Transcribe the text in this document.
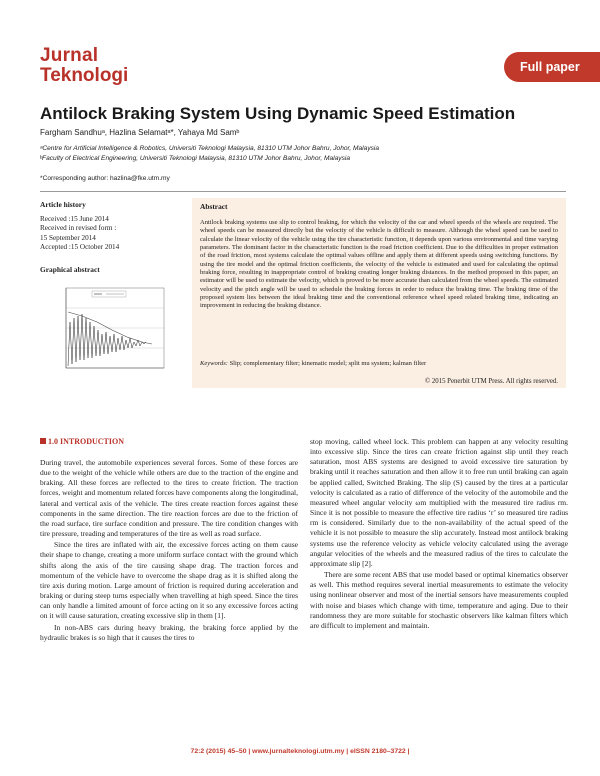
Jurnal
Teknologi	Full paper
Antilock Braking System Using Dynamic Speed Estimation
Fargham Sandhuᵃ, Hazlina Selamatᵃ*, Yahaya Md Samᵇ
ᵃCentre for Artificial Intelligence & Robotics, Universiti Teknologi Malaysia, 81310 UTM Johor Bahru, Johor, Malaysia
ᵇFaculty of Electrical Engineering, Universiti Teknologi Malaysia, 81310 UTM Johor Bahru, Johor, Malaysia
*Corresponding author: hazlina@fke.utm.my
Article history
Received :15 June 2014
Received in revised form :
15 September 2014
Accepted :15 October 2014
Graphical abstract
Abstract
Antilock braking systems use slip to control braking, for which the velocity of the car and wheel speeds of the wheels are required. The wheel speeds can be measured directly but the velocity of the vehicle is difficult to measure. Although the wheel speed can be used to calculate the linear velocity of the vehicle using the tire characteristic function, it depends upon various environmental and time varying parameters. The dominant factor in the characteristic function is the road friction coefficient. Due to the difficulties in proper estimation of the road friction, most systems calculate the optimal values offline and apply them at different speeds using switching functions. By using the tire model and the optimal friction coefficients, the velocity of the vehicle is estimated and used for calculating the optimal braking force, resulting in inappropriate control of braking creating longer braking distances. In the method proposed in this paper, an estimator will be used to estimate the velocity, which is proved to be more accurate than calculated from the wheel speeds. The estimated velocity and the pitch angle will be used to schedule the braking forces in order to reduce the braking time. The braking time of the proposed system lies between the ideal braking time and the conventional reference wheel speed related braking time, indicating an improvement in reducing the braking distance.
Keywords: Slip; complementary filter; kinematic model; split mu system; kalman filter
© 2015 Penerbit UTM Press. All rights reserved.
1.0 INTRODUCTION

During travel, the automobile experiences several forces. Some of these forces are due to the weight of the vehicle while others are due to the traction of the engine and braking. All these forces are reflected to the tires to create friction. The traction forces, weight and momentum related forces have components along the longitudinal, lateral and vertical axis of the vehicle. The tires create reaction forces against these components in the same direction. The tire reaction forces are due to the friction of the road surface, tire surface condition and pressure. The tire condition changes with tire pressure, treading and temperatures of the tire as well as road surface.

Since the tires are inflated with air, the excessive forces acting on them cause their shape to change, creating a more uniform surface contact with the ground which shifts along the axis of the tire causing shape drag. The traction forces and momentum of the vehicle have to overcome the shape drag as it is shifted along the tire axis during motion. Large amount of friction is required during acceleration and braking or during steep turns especially when travelling at high speed. Since the tires can only handle a limited amount of force acting on it so any excessive forces acting on it will cause saturation, creating excessive slip in them [1].

In non-ABS cars during heavy braking, the braking force applied by the hydraulic brakes is so high that it causes the tires to

stop moving, called wheel lock. This problem can happen at any velocity resulting into excessive slip. Since the tires can create friction against slip until they reach saturation, most ABS systems are designed to avoid excessive tire saturation by braking until it reaches saturation and then allow it to free run until braking can again be applied called, Switched Braking. The slip (S) caused by the tires at a particular velocity is calculated as a ratio of difference of the velocity of the automobile and the measured wheel angular velocity ωm multiplied with the measured tire radius rm. Since it is not possible to measure the effective tire radius ‘r’ so measured tire radius rm is considered. Similarly due to the non-availability of the actual speed of the vehicle it is not possible to measure the slip accurately. Instead most antilock braking systems use the reference velocity as vehicle velocity calculated using the average angular velocities of the wheels and the measured radius of the tires to calculate the approximate slip [2].

There are some recent ABS that use model based or optimal kinematics observer as well. This method requires several inertial measurements to estimate the velocity using nonlinear observer and most of the inertial sensors have measurements coupled with noise and biases which change with time, temperature and aging. Due to their randomness they are more suitable for stochastic observers like kalman filters which are difficult to implement and maintain.

72:2 (2015) 45–50 | www.jurnalteknologi.utm.my | eISSN 2180–3722 |
